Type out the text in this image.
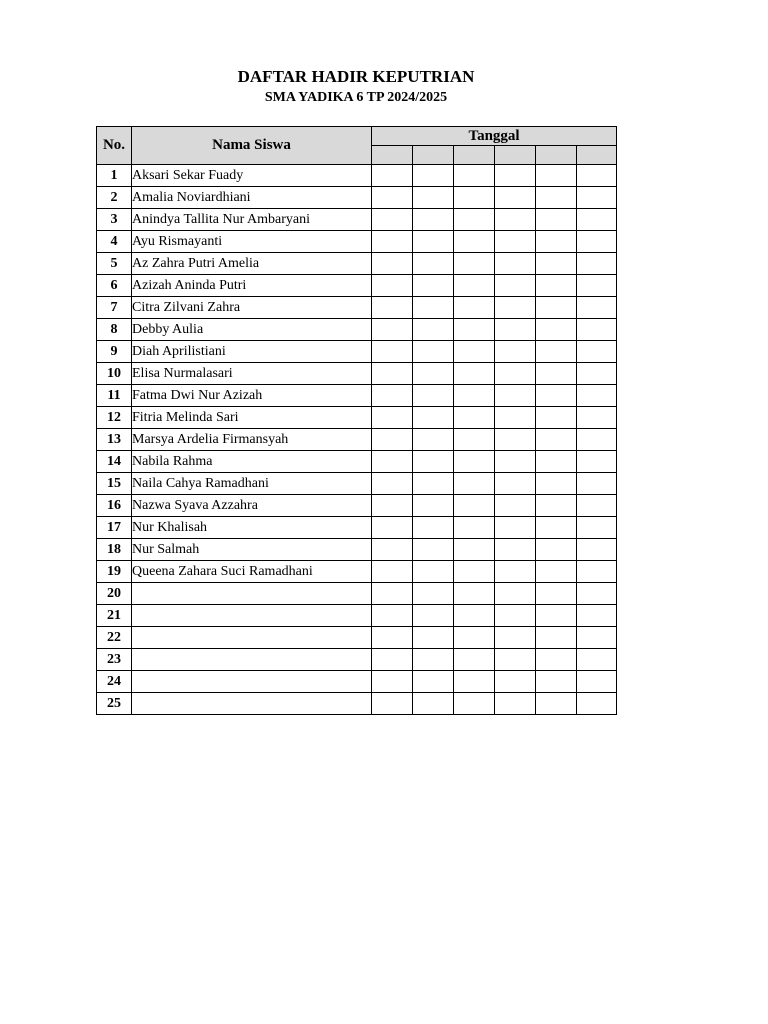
DAFTAR HADIR KEPUTRIAN
SMA YADIKA 6 TP 2024/2025
No.	Nama Siswa	Tanggal					

1	Aksari Sekar Fuady						
2	Amalia Noviardhiani						
3	Anindya Tallita Nur Ambaryani						
4	Ayu Rismayanti						
5	Az Zahra Putri Amelia						
6	Azizah Aninda Putri						
7	Citra Zilvani Zahra						
8	Debby Aulia						
9	Diah Aprilistiani						
10	Elisa Nurmalasari						
11	Fatma Dwi Nur Azizah						
12	Fitria Melinda Sari						
13	Marsya Ardelia Firmansyah						
14	Nabila Rahma						
15	Naila Cahya Ramadhani						
16	Nazwa Syava Azzahra						
17	Nur Khalisah						
18	Nur Salmah						
19	Queena Zahara Suci Ramadhani						
20							
21							
22							
23							
24							
25							
